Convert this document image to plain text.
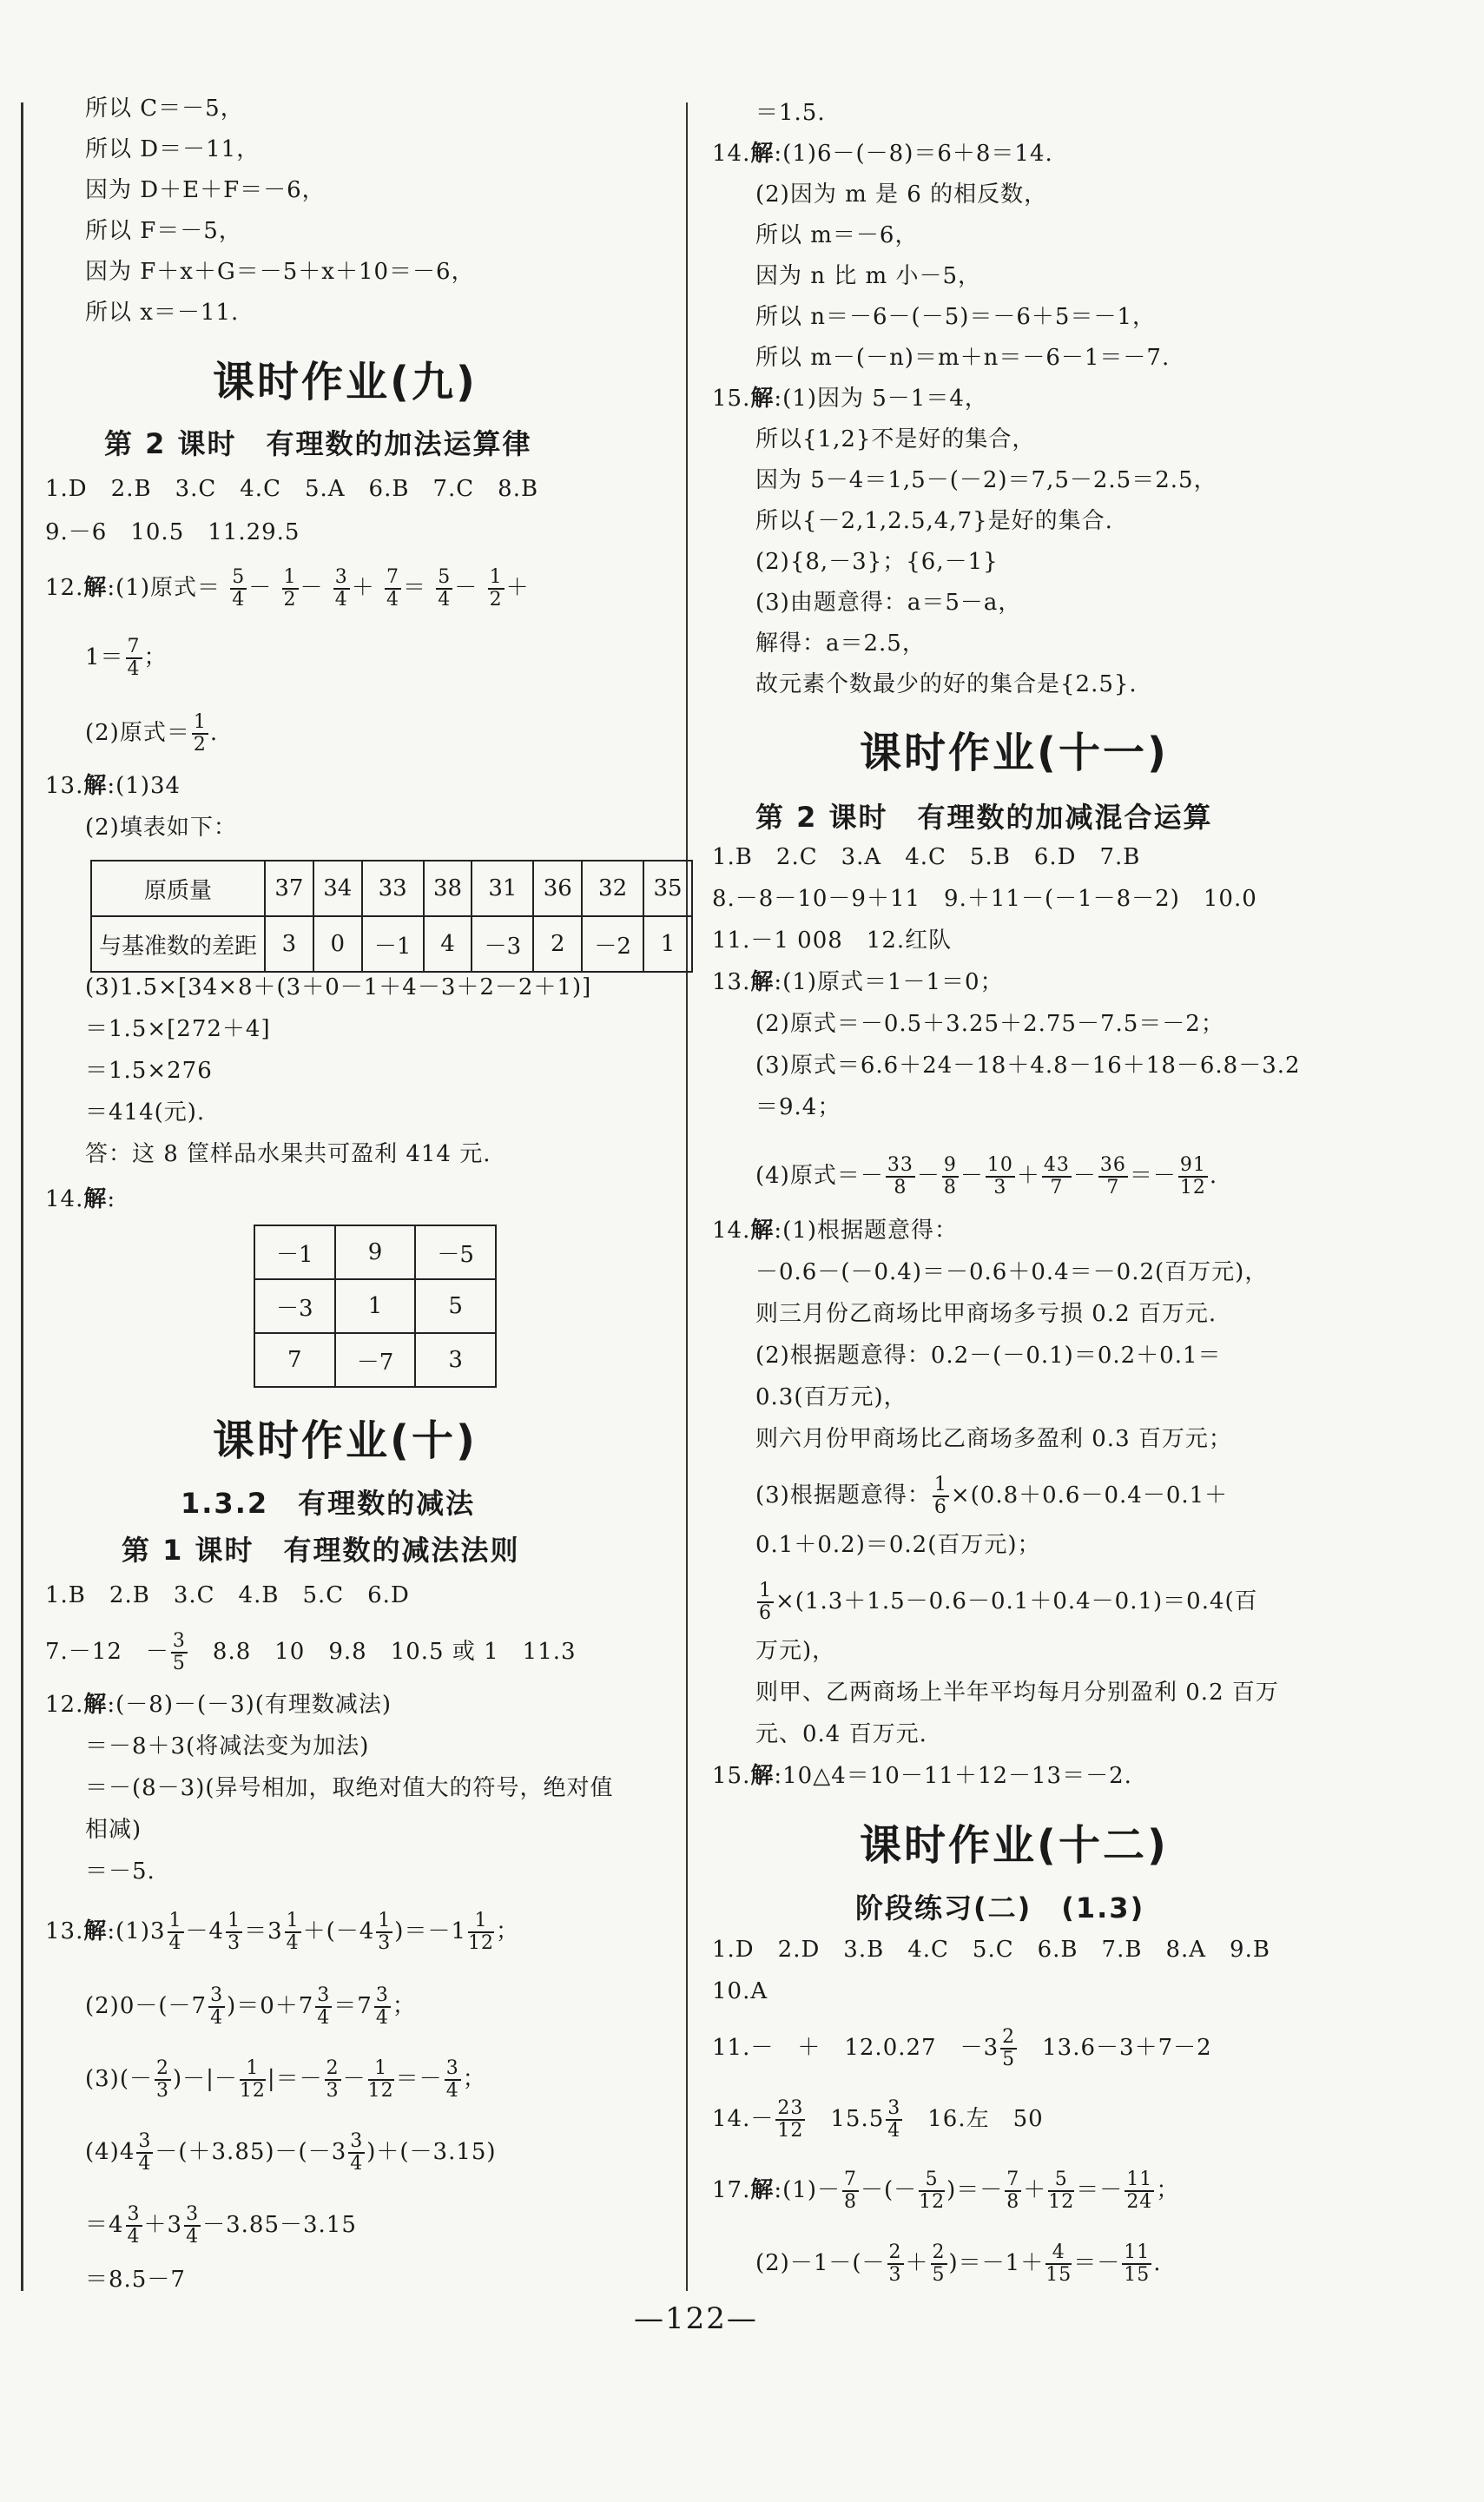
所以 C＝－5，
所以 D＝－11，
因为 D＋E＋F＝－6，
所以 F＝－5，
因为 F＋x＋G＝－5＋x＋10＝－6，
所以 x＝－11.
课时作业(九)
第 2 课时　有理数的加法运算律
1.D　2.B　3.C　4.C　5.A　6.B　7.C　8.B
9.－6　10.5　11.29.5
12.解:(1)原式＝ $\frac{5}{4} - \frac{1}{2} - \frac{3}{4} + \frac{7}{4} = \frac{5}{4} - \frac{1}{2}$ ＋
$1= \frac{7}{4}$ ；
(2)原式＝ $\frac{1}{2}$ .
13.解:(1)34
(2)填表如下：
原质量	37	34	33	38	31	36	32	35
与基准数的差距	3	0	－1	4	－3	2	－2	1
(3)1.5×[34×8＋(3＋0－1＋4－3＋2－2＋1)]
＝1.5×[272＋4]
＝1.5×276
＝414(元).
答：这 8 筐样品水果共可盈利 414 元.
14.解:
－1	9	－5
－3	1	5
7	－7	3
课时作业(十)
1.3.2　有理数的减法
第 1 课时　有理数的减法法则
1.B　2.B　3.C　4.B　5.C　6.D
7.－12　－ $\frac{3}{5}$ 　8.8　10　9.8　10.5 或 1　11.3
12.解:(－8)－(－3)(有理数减法)
＝－8＋3(将减法变为加法)
＝－(8－3)(异号相加，取绝对值大的符号，绝对值
相减)
＝－5.
13.解:(1)3 $\frac{1}{4} -4 \frac{1}{3} =3 \frac{1}{4} +(-4 \frac{1}{3} )=-1 \frac{1}{12}$ ；
$(2)0-(-7 \frac{3}{4} )=0+7 \frac{3}{4} =7 \frac{3}{4}$ ；
$(3)(- \frac{2}{3}$ )－|－ $\frac{1}{12}$ |＝－ $\frac{2}{3} - \frac{1}{12} =- \frac{3}{4}$ ；
$(4)4 \frac{3}{4} -(+3.85)-(-3 \frac{3}{4} )+(-3.15)$
$=4 \frac{3}{4} +3 \frac{3}{4} -3.85-3.15$
＝8.5－7
＝1.5.
14.解:(1)6－(－8)＝6＋8＝14.
(2)因为 m 是 6 的相反数，
所以 m＝－6，
因为 n 比 m 小－5，
所以 n＝－6－(－5)＝－6＋5＝－1，
所以 m－(－n)＝m＋n＝－6－1＝－7.
15.解:(1)因为 5－1＝4，
所以{1,2}不是好的集合，
因为 5－4＝1,5－(－2)＝7,5－2.5＝2.5，
所以{－2,1,2.5,4,7}是好的集合.
(2){8,－3}；{6,－1}
(3)由题意得：a＝5－a，
解得：a＝2.5，
故元素个数最少的好的集合是{2.5}.
课时作业(十一)
第 2 课时　有理数的加减混合运算
1.B　2.C　3.A　4.C　5.B　6.D　7.B
8.－8－10－9＋11　9.＋11－(－1－8－2)　10.0
11.－1 008　12.红队
13.解:(1)原式＝1－1＝0；
(2)原式＝－0.5＋3.25＋2.75－7.5＝－2；
(3)原式＝6.6＋24－18＋4.8－16＋18－6.8－3.2
＝9.4；
(4)原式＝－ $\frac{33}{8} - \frac{9}{8} - \frac{10}{3} + \frac{43}{7} - \frac{36}{7} =- \frac{91}{12}$ .
14.解:(1)根据题意得：
－0.6－(－0.4)＝－0.6＋0.4＝－0.2(百万元)，
则三月份乙商场比甲商场多亏损 0.2 百万元.
(2)根据题意得：0.2－(－0.1)＝0.2＋0.1＝
0.3(百万元)，
则六月份甲商场比乙商场多盈利 0.3 百万元；
(3)根据题意得： $\frac{1}{6} \times(0.8+0.6-0.4-0.1+$
0.1＋0.2)＝0.2(百万元)；
$\frac{1}{6} \times(1.3+1.5-0.6-0.1+0.4-0.1)=0.4$(百
万元)，
则甲、乙两商场上半年平均每月分别盈利 0.2 百万
元、0.4 百万元.
15.解:10△4＝10－11＋12－13＝－2.
课时作业(十二)
阶段练习(二)　(1.3)
1.D　2.D　3.B　4.C　5.C　6.B　7.B　8.A　9.B
10.A
11.－　＋　12.0.27　$-3 \frac{2}{5}$ 　13.6－3＋7－2
$14.- \frac{23}{12}$ 　$15.5 \frac{3}{4}$ 　16.左　50
17.解:(1)－ $\frac{7}{8}$ －(－ $\frac{5}{12}$ )＝－ $\frac{7}{8} + \frac{5}{12} =- \frac{11}{24}$ ；
$(2)-1-(- \frac{2}{3} + \frac{2}{5} )=-1+ \frac{4}{15} =- \frac{11}{15}$ .
—122—
